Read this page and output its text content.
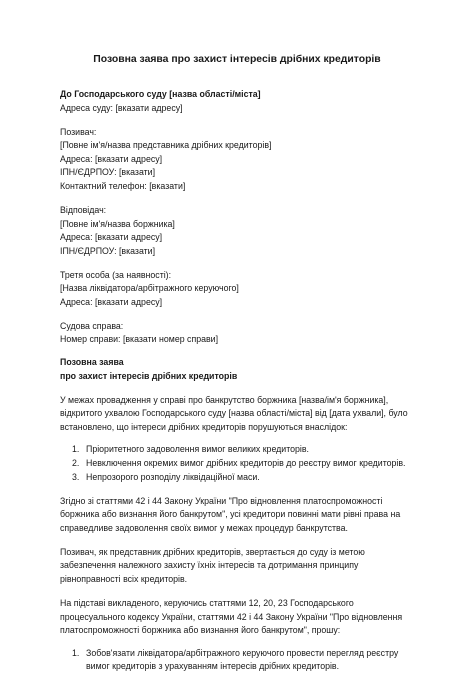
Позовна заява про захист інтересів дрібних кредиторів
До Господарського суду [назва області/міста]
Адреса суду: [вказати адресу]
Позивач:
[Повне ім'я/назва представника дрібних кредиторів]
Адреса: [вказати адресу]
ІПН/ЄДРПОУ: [вказати]
Контактний телефон: [вказати]
Відповідач:
[Повне ім'я/назва боржника]
Адреса: [вказати адресу]
ІПН/ЄДРПОУ: [вказати]
Третя особа (за наявності):
[Назва ліквідатора/арбітражного керуючого]
Адреса: [вказати адресу]
Судова справа:
Номер справи: [вказати номер справи]
Позовна заява
про захист інтересів дрібних кредиторів
У межах провадження у справі про банкрутство боржника [назва/ім'я боржника],
відкритого ухвалою Господарського суду [назва області/міста] від [дата ухвали], було
встановлено, що інтереси дрібних кредиторів порушуються внаслідок:
1. Пріоритетного задоволення вимог великих кредиторів.
2. Невключення окремих вимог дрібних кредиторів до реєстру вимог кредиторів.
3. Непрозорого розподілу ліквідаційної маси.
Згідно зі статтями 42 і 44 Закону України "Про відновлення платоспроможності
боржника або визнання його банкрутом", усі кредитори повинні мати рівні права на
справедливе задоволення своїх вимог у межах процедур банкрутства.
Позивач, як представник дрібних кредиторів, звертається до суду із метою
забезпечення належного захисту їхніх інтересів та дотримання принципу
рівноправності всіх кредиторів.
На підставі викладеного, керуючись статтями 12, 20, 23 Господарського
процесуального кодексу України, статтями 42 і 44 Закону України "Про відновлення
платоспроможності боржника або визнання його банкрутом", прошу:
1. Зобов'язати ліквідатора/арбітражного керуючого провести перегляд реєстру
вимог кредиторів з урахуванням інтересів дрібних кредиторів.
